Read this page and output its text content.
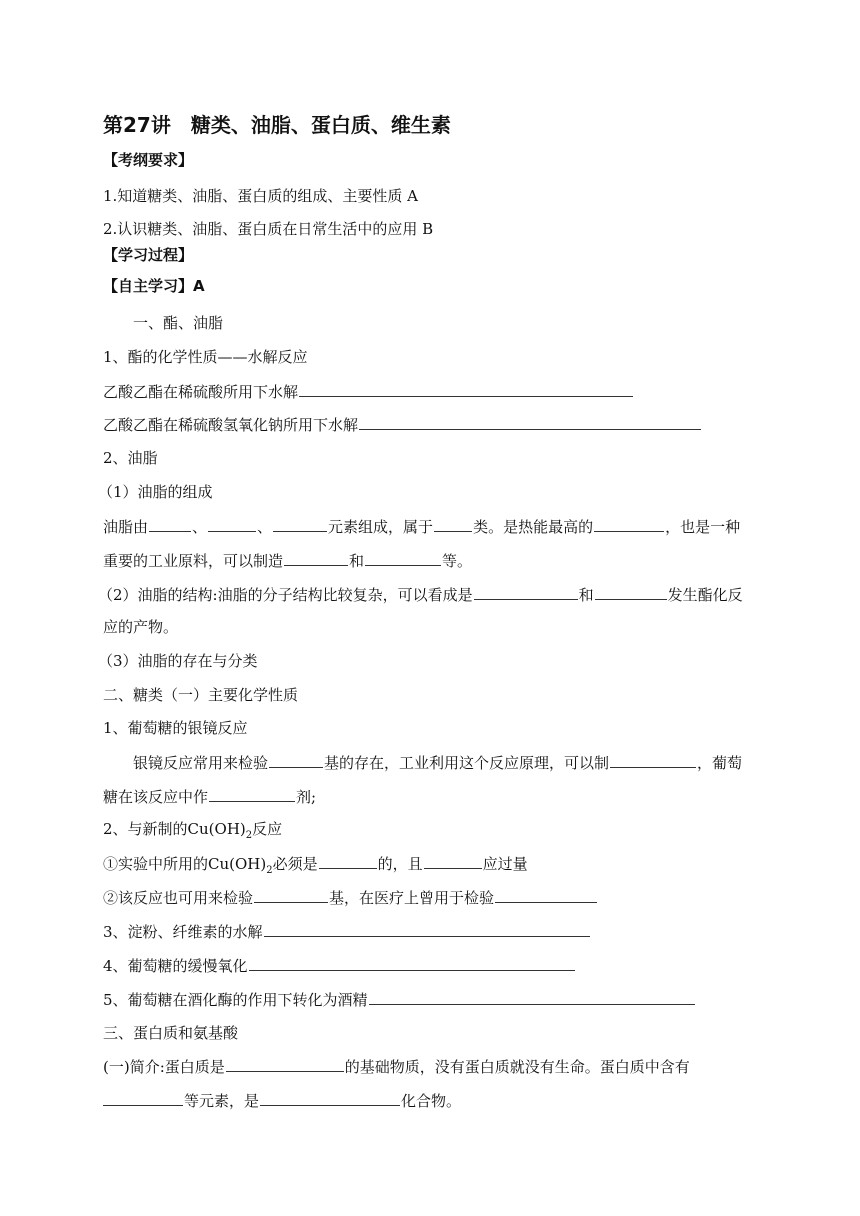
第27讲　糖类、油脂、蛋白质、维生素
【考纲要求】
1.知道糖类、油脂、蛋白质的组成、主要性质 A
2.认识糖类、油脂、蛋白质在日常生活中的应用 B
【学习过程】
【自主学习】A
一、酯、油脂
1、酯的化学性质——水解反应
乙酸乙酯在稀硫酸所用下水解
乙酸乙酯在稀硫酸氢氧化钠所用下水解
2、油脂
（1）油脂的组成
油脂由	、	、	元素组成，属于	类。是热能最高的	，也是一种
重要的工业原料，可以制造	和	等。
（2）油脂的结构:油脂的分子结构比较复杂，可以看成是	和	发生酯化反
应的产物。
（3）油脂的存在与分类
二、糖类（一）主要化学性质
1、葡萄糖的银镜反应
银镜反应常用来检验	基的存在，工业利用这个反应原理，可以制	，葡萄
糖在该反应中作	剂;
2、与新制的$Cu(OH)_2$反应
①实验中所用的$Cu(OH)_2$必须是	的，且	应过量
②该反应也可用来检验	基，在医疗上曾用于检验
3、淀粉、纤维素的水解
4、葡萄糖的缓慢氧化
5、葡萄糖在酒化酶的作用下转化为酒精
三、蛋白质和氨基酸
(一)简介:蛋白质是	的基础物质，没有蛋白质就没有生命。蛋白质中含有
等元素，是	化合物。
